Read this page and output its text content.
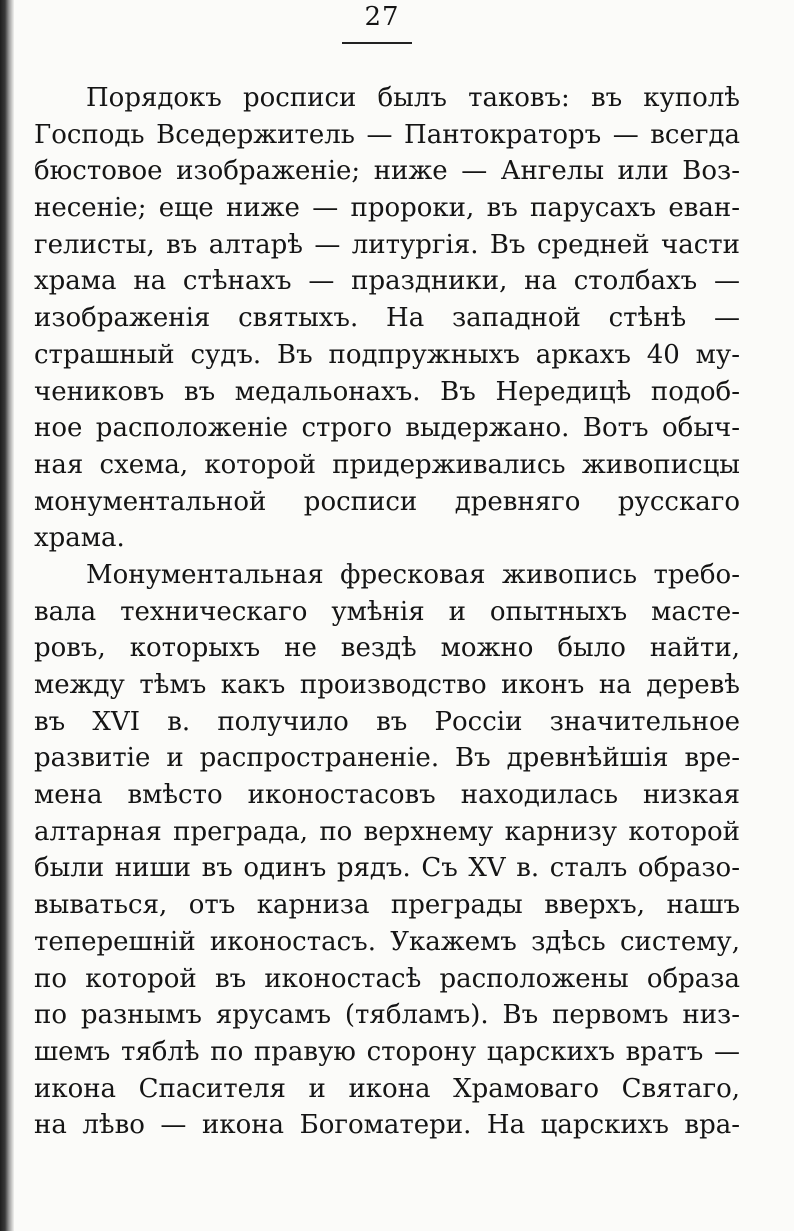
27
Порядокъ росписи былъ таковъ: въ куполѣ
Господь Вседержитель — Пантократоръ — всегда
бюстовое изображеніе; ниже — Ангелы или Воз-
несеніе; еще ниже — пророки, въ парусахъ еван-
гелисты, въ алтарѣ — литургія. Въ средней части
храма на стѣнахъ — праздники, на столбахъ —
изображенія святыхъ. На западной стѣнѣ —
страшный судъ. Въ подпружныхъ аркахъ 40 му-
чениковъ въ медальонахъ. Въ Нередицѣ подоб-
ное расположеніе строго выдержано. Вотъ обыч-
ная схема, которой придерживались живописцы
монументальной росписи древняго русскаго
храма.
Монументальная фресковая живопись требо-
вала техническаго умѣнія и опытныхъ масте-
ровъ, которыхъ не вездѣ можно было найти,
между тѣмъ какъ производство иконъ на деревѣ
въ XVI в. получило въ Россіи значительное
развитіе и распространеніе. Въ древнѣйшія вре-
мена вмѣсто иконостасовъ находилась низкая
алтарная преграда, по верхнему карнизу которой
были ниши въ одинъ рядъ. Съ XV в. сталъ образо-
вываться, отъ карниза преграды вверхъ, нашъ
теперешній иконостасъ. Укажемъ здѣсь систему,
по которой въ иконостасѣ расположены образа
по разнымъ ярусамъ (тябламъ). Въ первомъ низ-
шемъ тяблѣ по правую сторону царскихъ вратъ —
икона Спасителя и икона Храмоваго Святаго,
на лѣво — икона Богоматери. На царскихъ вра-
